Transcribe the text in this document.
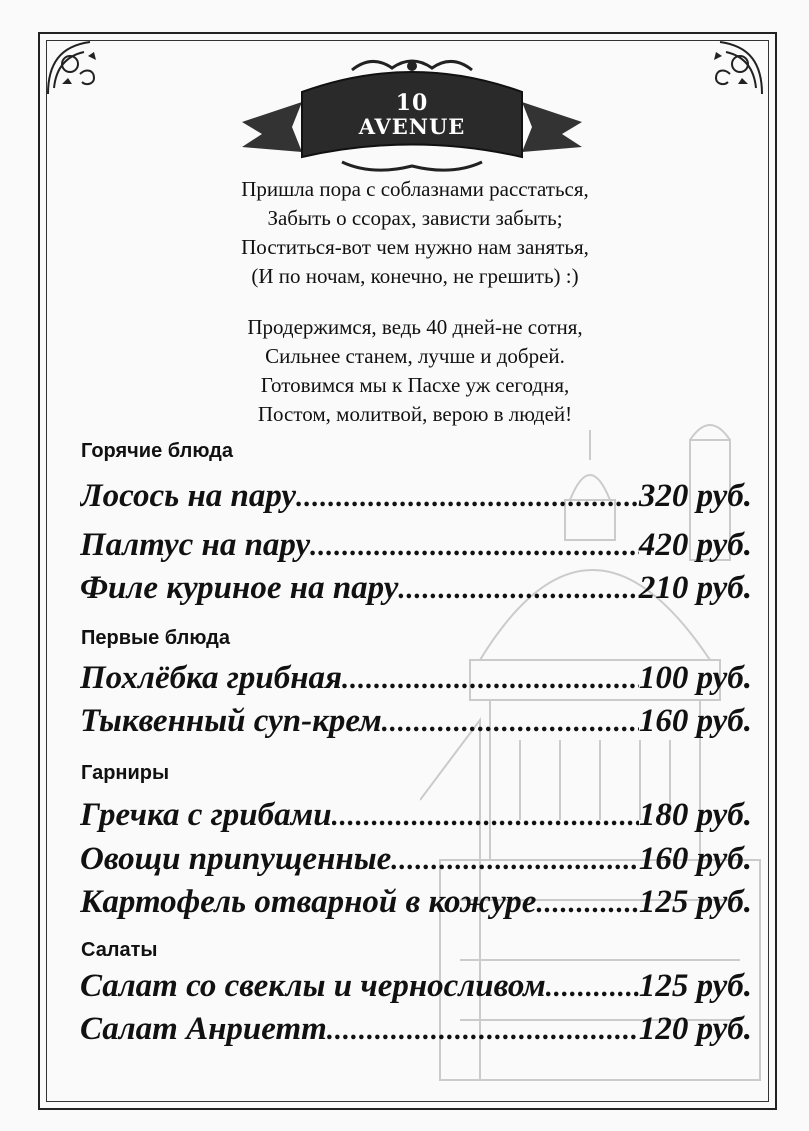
10
AVENUE

Пришла пора с соблазнами расстаться,

Забыть о ссорах, зависти забыть;

Поститься-вот чем нужно нам занятья,

(И по ночам, конечно, не грешить) :)

Продержимся, ведь 40 дней-не сотня,

Сильнее станем, лучше и добрей.

Готовимся мы к Пасхе уж сегодня,

Постом, молитвой, верою в людей!

Горячие блюда
Лосось на пару .....	320 руб.
Палтус на пару .....	420 руб.
Филе куриное на пару .....	210 руб.
Первые блюда
Похлёбка грибная .....	100 руб.
Тыквенный суп-крем .....	160 руб.
Гарниры
Гречка с грибами .....	180 руб.
Овощи припущенные .....	160 руб.
Картофель отварной в кожуре .....	125 руб.
Салаты
Салат со свеклы и черносливом .....	125 руб.
Салат Анриетт .....	120 руб.
